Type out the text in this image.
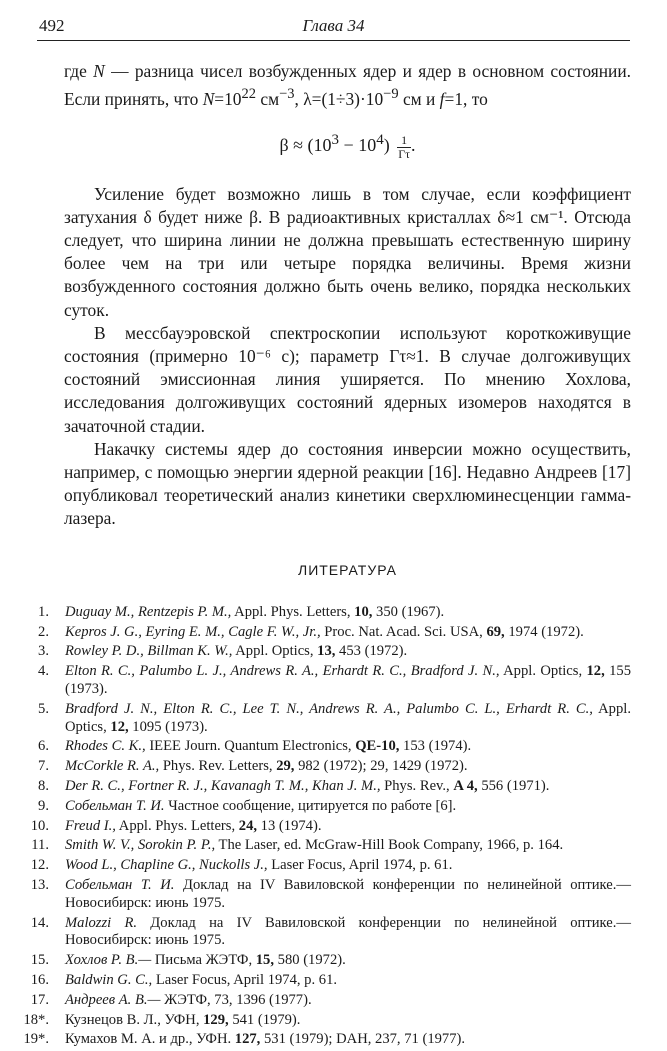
492	Глава 34

где N — разница чисел возбужденных ядер и ядер в основном состоянии. Если принять, что $N=10^{22}$ $см^{-3}$, $\lambda=(1\div 3)\cdot 10^{-9}$ см и f=1, то

$\beta \approx (10^3 - 10^4) \frac{1}{\Gamma\tau}$ .

Усиление будет возможно лишь в том случае, если коэффициент затухания δ будет ниже β. В радиоактивных кристаллах δ≈1 см⁻¹. Отсюда следует, что ширина линии не должна превышать естественную ширину более чем на три или четыре порядка величины. Время жизни возбужденного состояния должно быть очень велико, порядка нескольких суток.

В мессбауэровской спектроскопии используют короткоживущие состояния (примерно 10⁻⁶ с); параметр Γτ≈1. В случае долгоживущих состояний эмиссионная линия уширяется. По мнению Хохлова, исследования долгоживущих состояний ядерных изомеров находятся в зачаточной стадии.

Накачку системы ядер до состояния инверсии можно осуществить, например, с помощью энергии ядерной реакции [16]. Недавно Андреев [17] опубликовал теоретический анализ кинетики сверхлюминесценции гамма-лазера.

ЛИТЕРАТУРА
1.	Duguay M., Rentzepis P. M., Appl. Phys. Letters, 10, 350 (1967).
2.	Kepros J. G., Eyring E. M., Cagle F. W., Jr., Proc. Nat. Acad. Sci. USA, 69, 1974 (1972).
3.	Rowley P. D., Billman K. W., Appl. Optics, 13, 453 (1972).
4.	Elton R. C., Palumbo L. J., Andrews R. A., Erhardt R. C., Bradford J. N., Appl. Optics, 12, 155 (1973).
5.	Bradford J. N., Elton R. C., Lee T. N., Andrews R. A., Palumbo C. L., Erhardt R. C., Appl. Optics, 12, 1095 (1973).
6.	Rhodes C. K., IEEE Journ. Quantum Electronics, QE-10, 153 (1974).
7.	McCorkle R. A., Phys. Rev. Letters, 29, 982 (1972); 29, 1429 (1972).
8.	Der R. C., Fortner R. J., Kavanagh T. M., Khan J. M., Phys. Rev., A 4, 556 (1971).
9.	Собельман Т. И. Частное сообщение, цитируется по работе [6].
10.	Freud I., Appl. Phys. Letters, 24, 13 (1974).
11.	Smith W. V., Sorokin P. P., The Laser, ed. McGraw-Hill Book Company, 1966, p. 164.
12.	Wood L., Chapline G., Nuckolls J., Laser Focus, April 1974, p. 61.
13.	Собельман Т. И. Доклад на IV Вавиловской конференции по нелинейной оптике.— Новосибирск: июнь 1975.
14.	Malozzi R. Доклад на IV Вавиловской конференции по нелинейной оптике.— Новосибирск: июнь 1975.
15.	Хохлов Р. В.— Письма ЖЭТФ, 15, 580 (1972).
16.	Baldwin G. C., Laser Focus, April 1974, p. 61.
17.	Андреев А. В.— ЖЭТФ, 73, 1396 (1977).
18*.	Кузнецов В. Л., УФН, 129, 541 (1979).
19*.	Кумахов М. А. и др., УФН. 127, 531 (1979); DAH, 237, 71 (1977).
